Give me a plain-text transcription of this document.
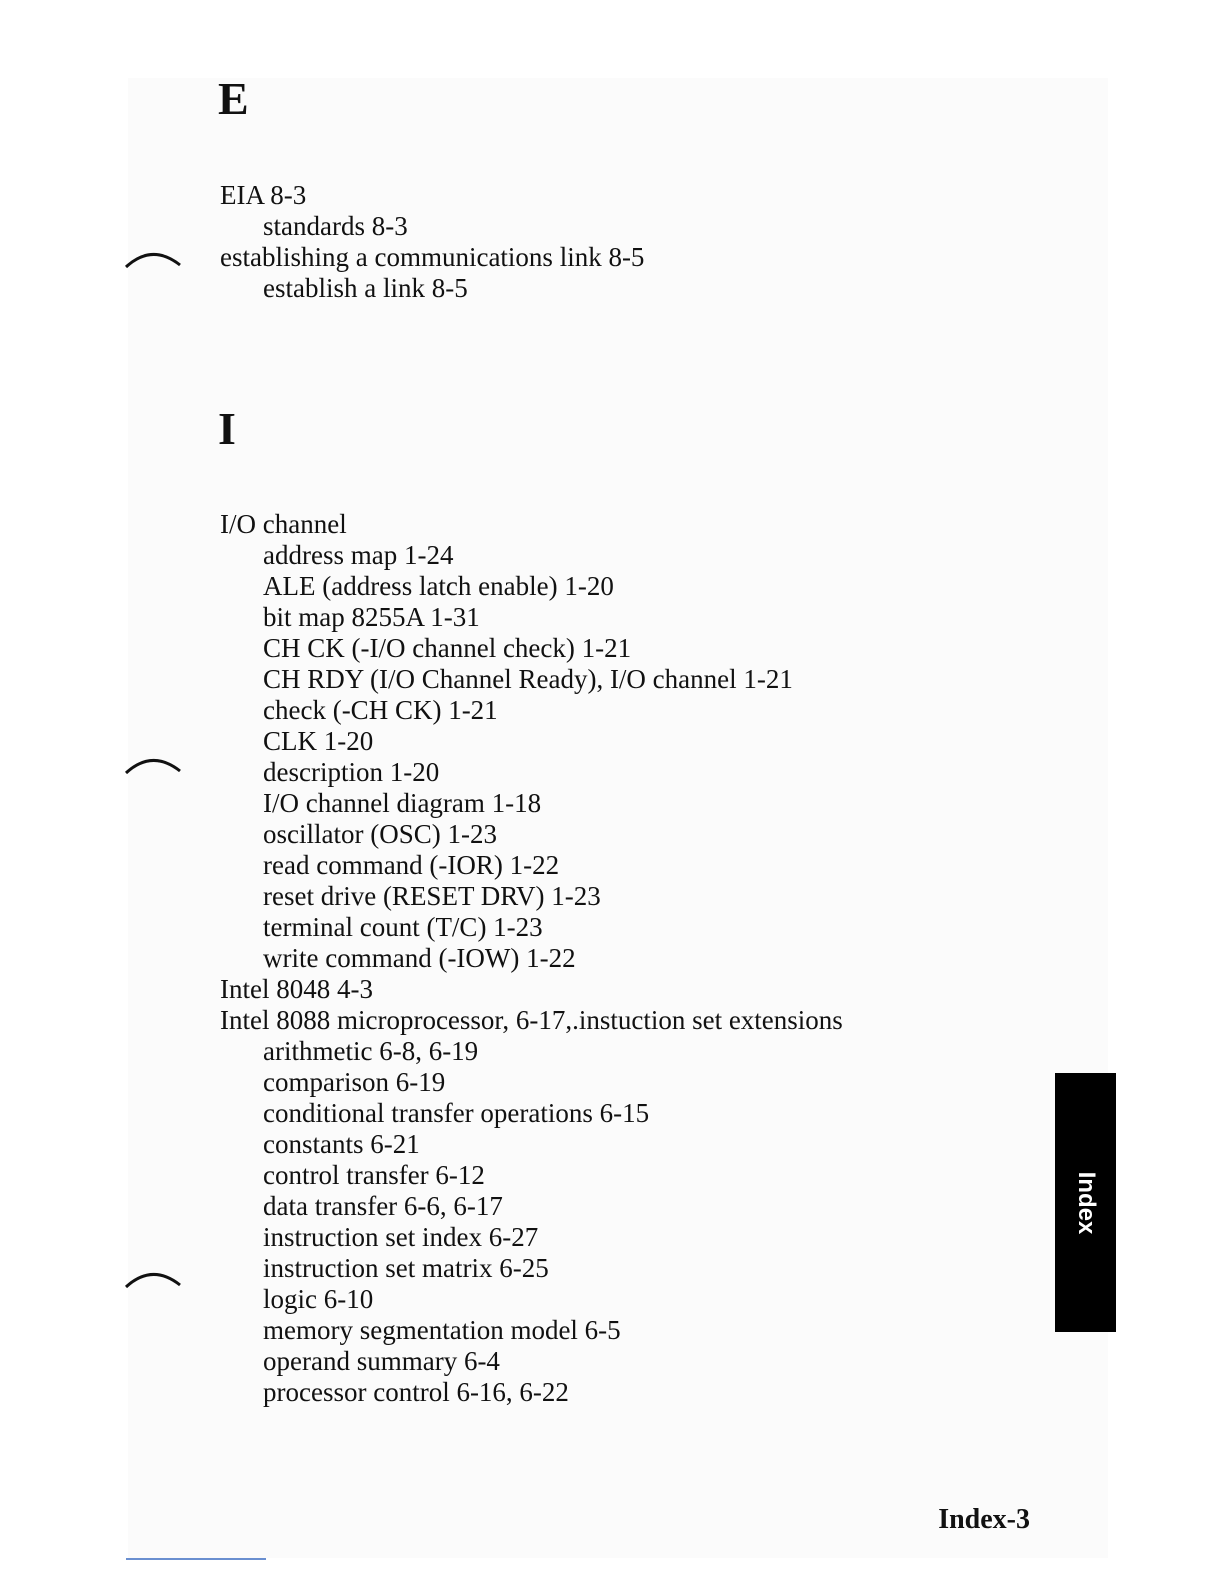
E
EIA 8-3
standards 8-3
establishing a communications link 8-5
establish a link 8-5
I
I/O channel
address map 1-24
ALE (address latch enable) 1-20
bit map 8255A 1-31
CH CK (-I/O channel check) 1-21
CH RDY (I/O Channel Ready), I/O channel 1-21
check (-CH CK) 1-21
CLK 1-20
description 1-20
I/O channel diagram 1-18
oscillator (OSC) 1-23
read command (-IOR) 1-22
reset drive (RESET DRV) 1-23
terminal count (T/C) 1-23
write command (-IOW) 1-22
Intel 8048 4-3
Intel 8088 microprocessor, 6-17,.instuction set extensions
arithmetic 6-8, 6-19
comparison 6-19
conditional transfer operations 6-15
constants 6-21
control transfer 6-12
data transfer 6-6, 6-17
instruction set index 6-27
instruction set matrix 6-25
logic 6-10
memory segmentation model 6-5
operand summary 6-4
processor control 6-16, 6-22
Index
Index-3
